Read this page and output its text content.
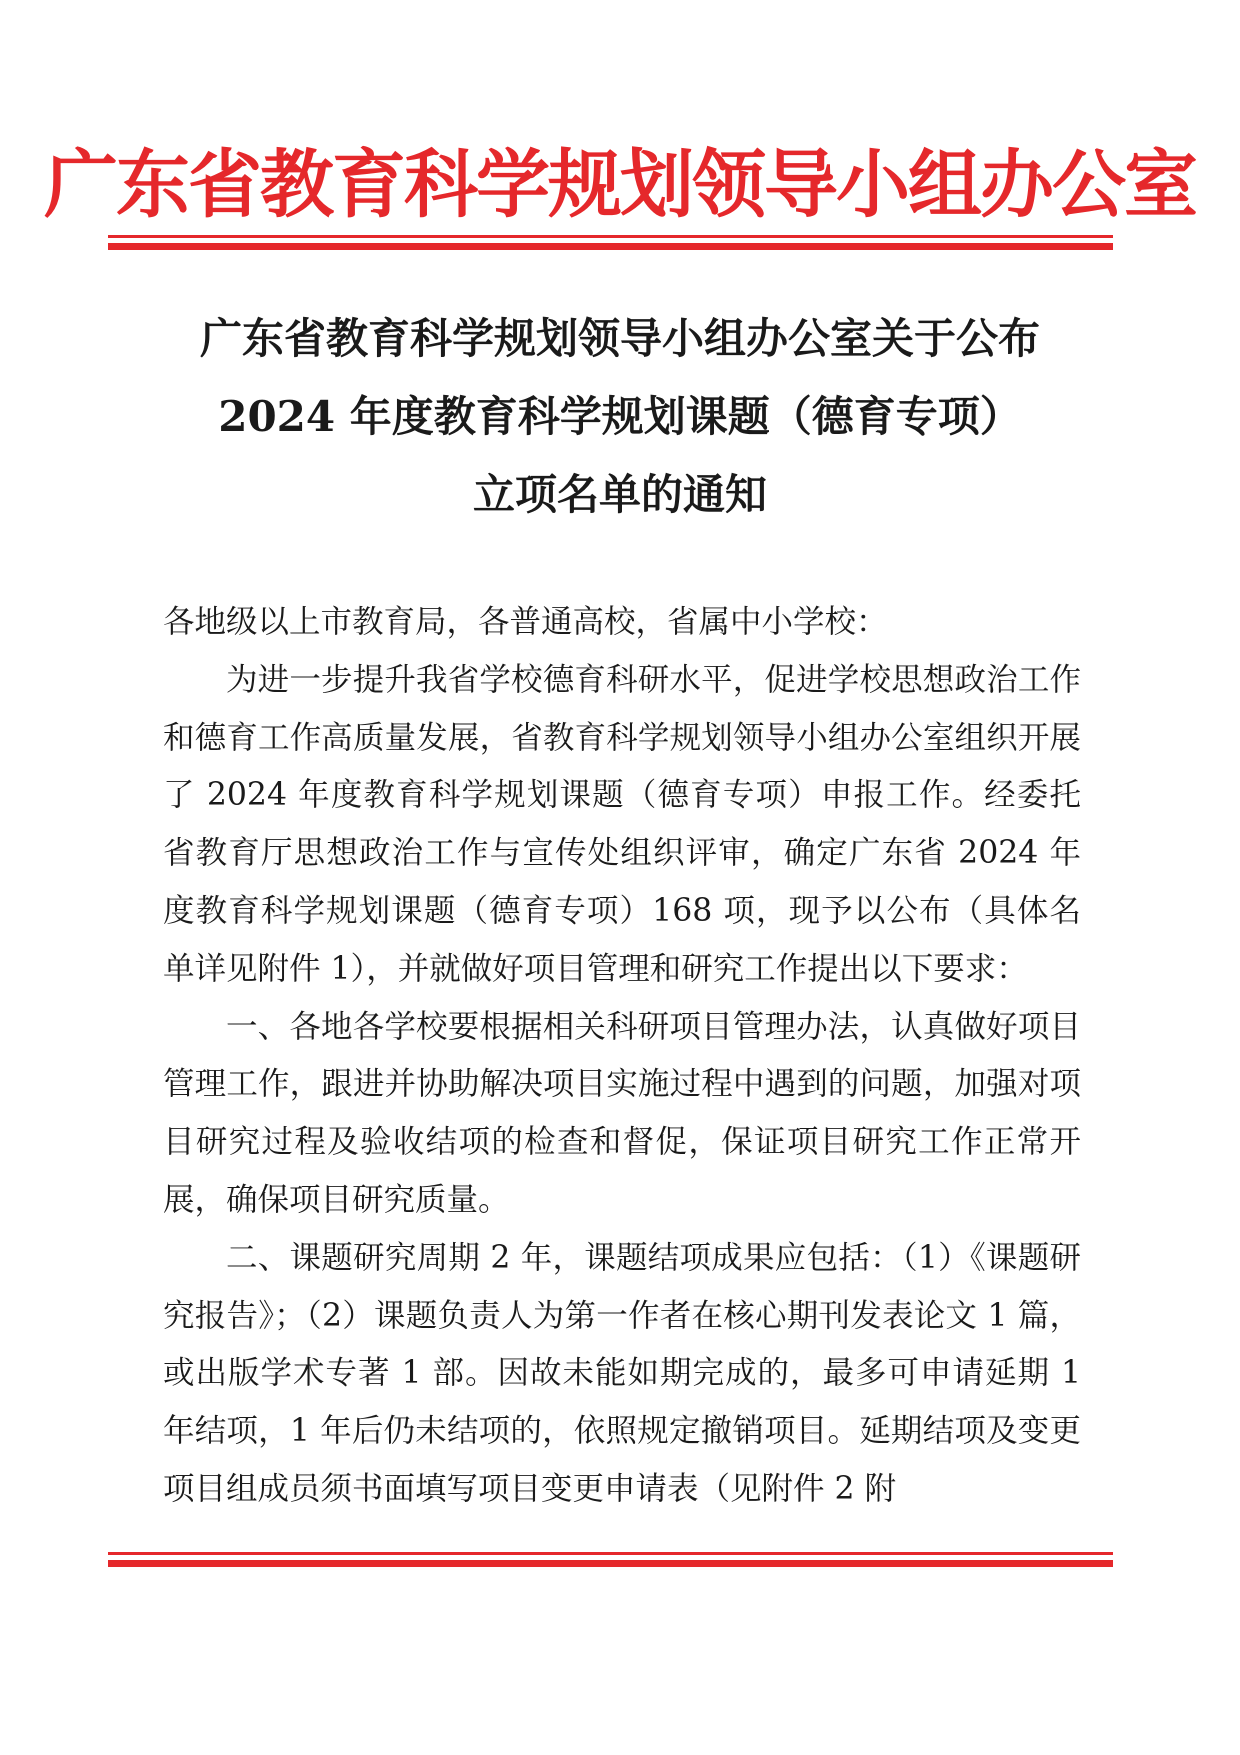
广东省教育科学规划领导小组办公室
广东省教育科学规划领导小组办公室关于公布
2024 年度教育科学规划课题（德育专项）
立项名单的通知

各地级以上市教育局，各普通高校，省属中小学校：

为进一步提升我省学校德育科研水平，促进学校思想政治工作和德育工作高质量发展，省教育科学规划领导小组办公室组织开展了 2024 年度教育科学规划课题（德育专项）申报工作。经委托省教育厅思想政治工作与宣传处组织评审，确定广东省 2024 年度教育科学规划课题（德育专项）168 项，现予以公布（具体名单详见附件 1），并就做好项目管理和研究工作提出以下要求：

一、各地各学校要根据相关科研项目管理办法，认真做好项目管理工作，跟进并协助解决项目实施过程中遇到的问题，加强对项目研究过程及验收结项的检查和督促，保证项目研究工作正常开展，确保项目研究质量。

二、课题研究周期 2 年，课题结项成果应包括：（1）《课题研究报告》；（2）课题负责人为第一作者在核心期刊发表论文 1 篇，或出版学术专著 1 部。因故未能如期完成的，最多可申请延期 1 年结项，1 年后仍未结项的，依照规定撤销项目。延期结项及变更项目组成员须书面填写项目变更申请表（见附件 2 附
